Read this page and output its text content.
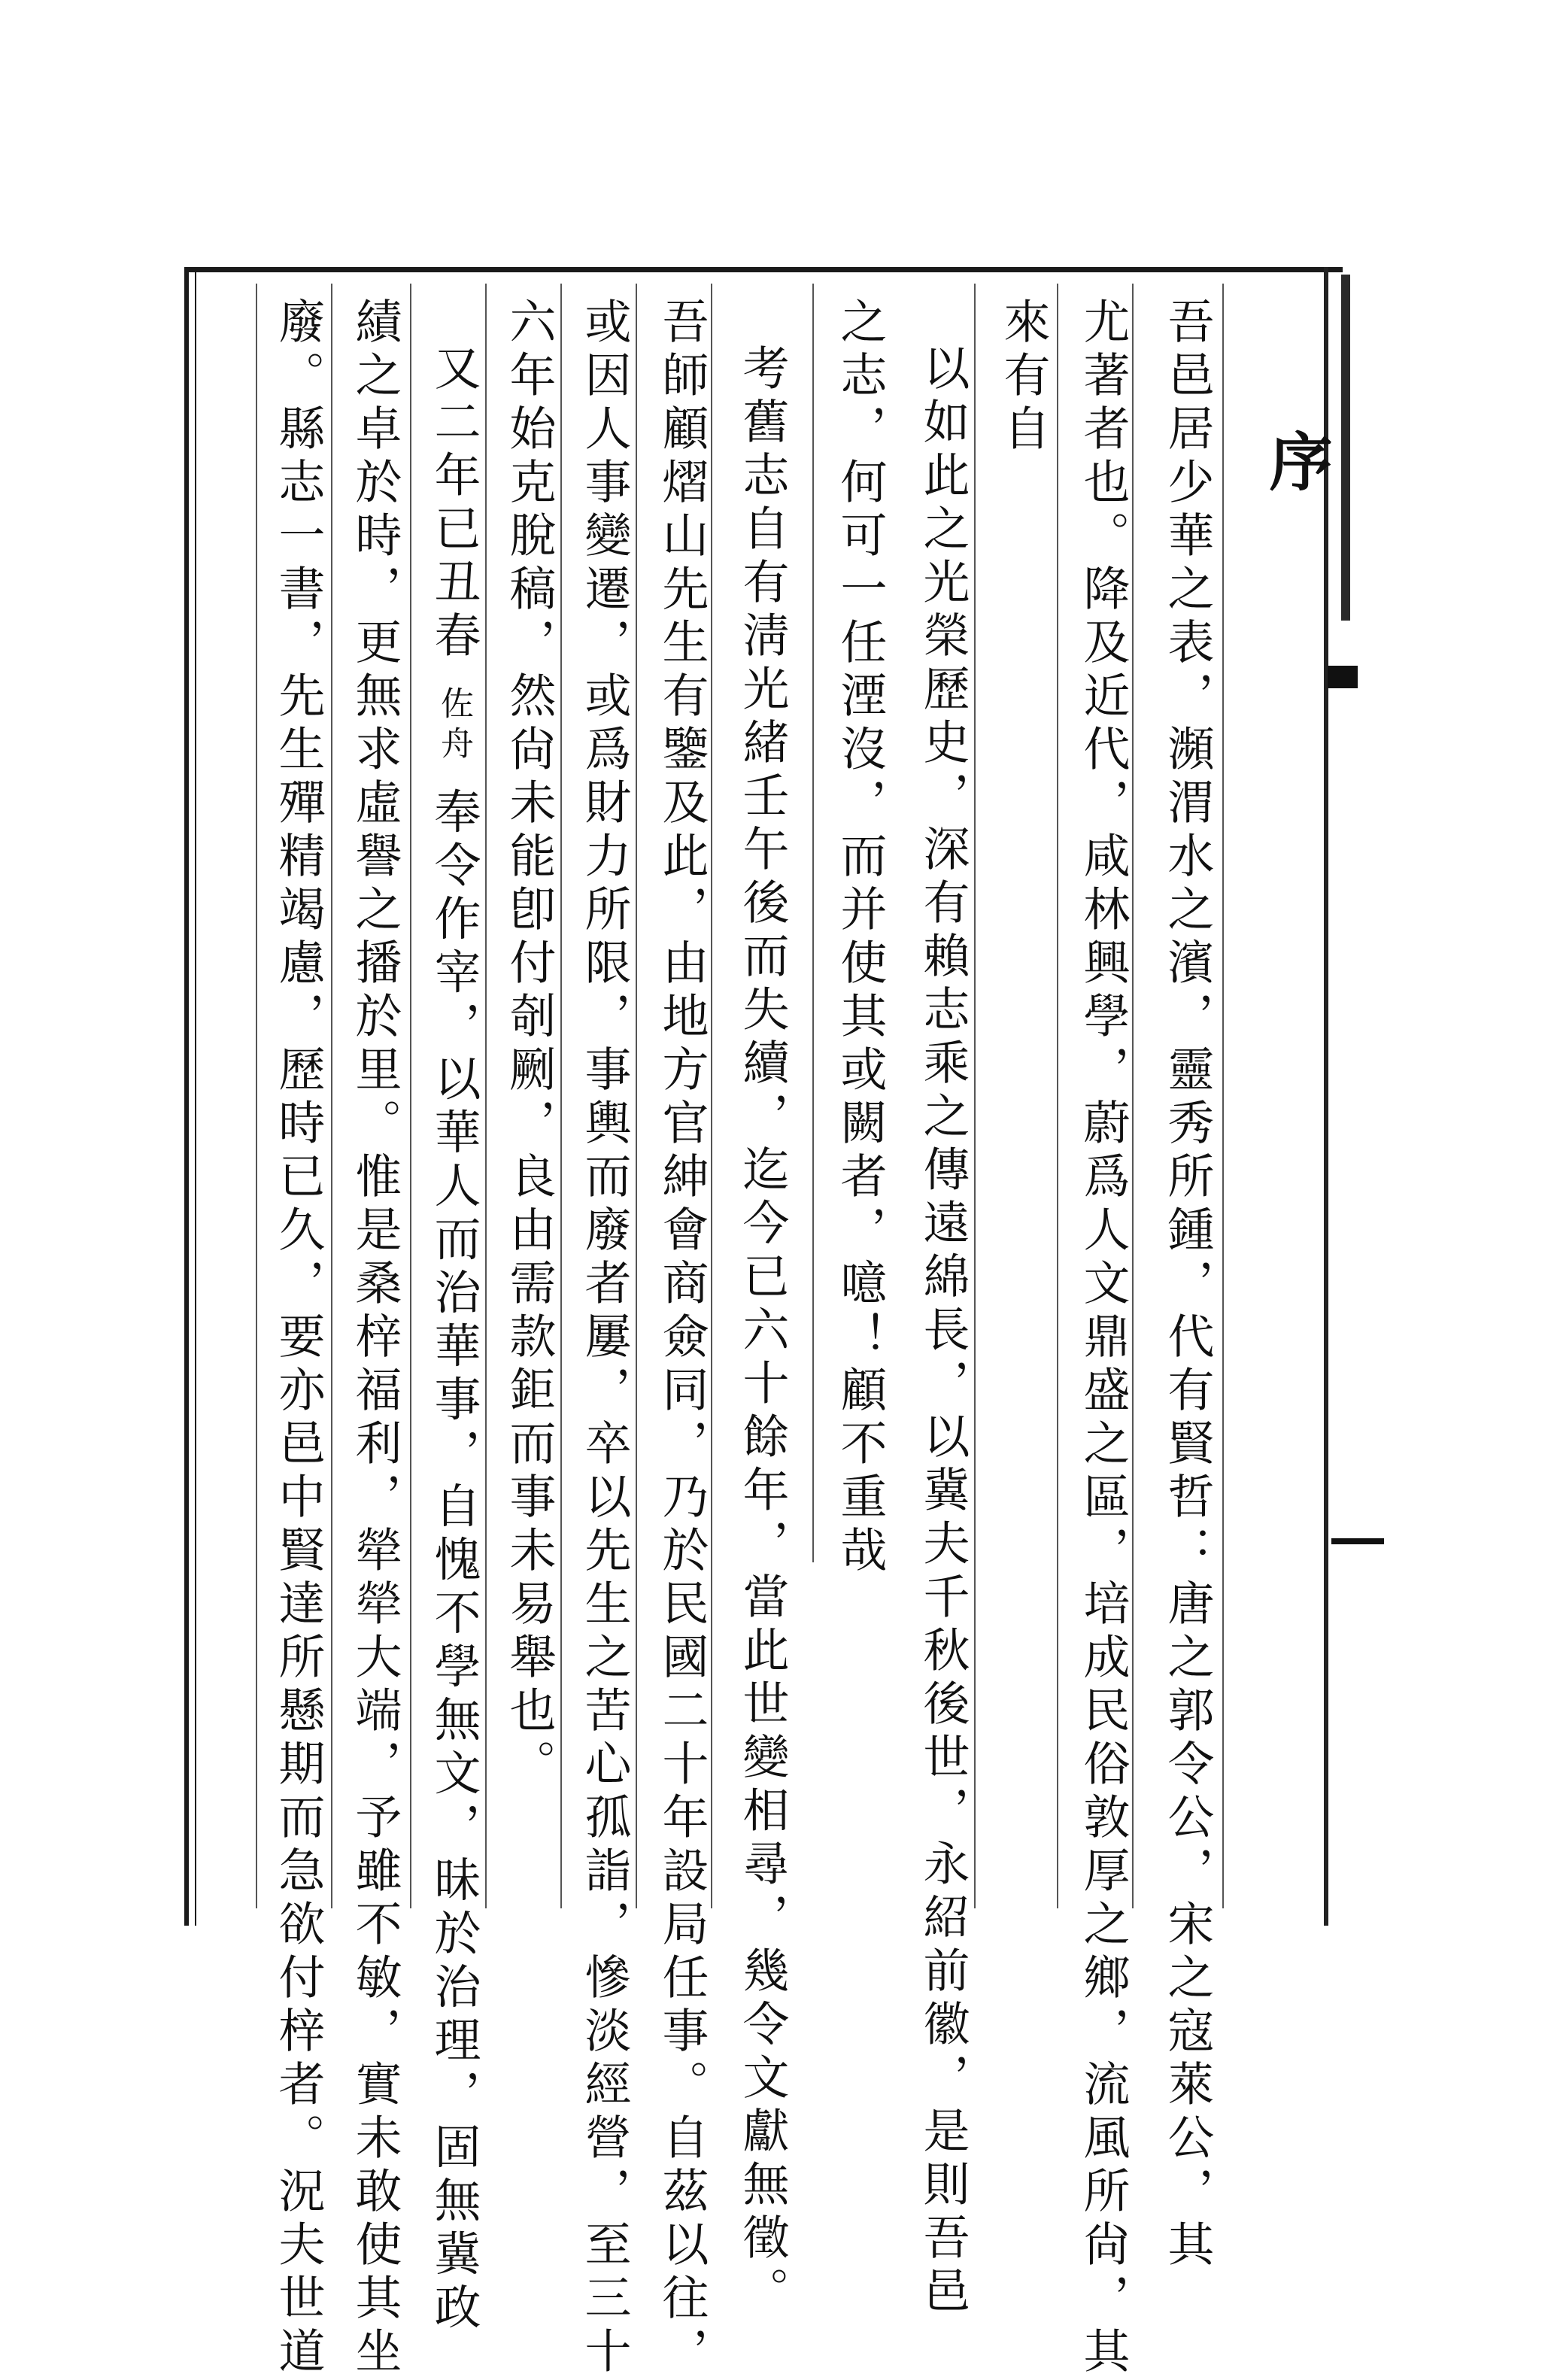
序
吾邑居少華之表，瀕渭水之濱，靈秀所鍾，代有賢哲：唐之郭令公，宋之寇萊公，其
尤著者也。降及近代，咸林興學，蔚爲人文鼎盛之區，培成民俗敦厚之鄉，流風所尙，其
來有自
以如此之光榮歷史，深有賴志乘之傳遠綿長，以冀夫千秋後世，永紹前徽，是則吾邑
之志，何可一任湮沒，而并使其或闕者，噫！顧不重哉
考舊志自有淸光緒壬午後而失續，迄今已六十餘年，當此世變相尋，幾令文獻無徵。
吾師顧熠山先生有鑒及此，由地方官紳會商僉同，乃於民國二十年設局任事。自茲以往，
或因人事變遷，或爲財力所限，事輿而廢者屢，卒以先生之苦心孤詣，慘淡經營，至三十
六年始克脫稿，然尙未能卽付剞劂，良由需款鉅而事未易舉也。
又二年已丑春 佐舟 奉令作宰，以華人而治華事，自愧不學無文，昧於治理，固無冀政
績之卓於時，更無求虛譽之播於里。惟是桑梓福利，犖犖大端，予雖不敏，實未敢使其坐
廢。縣志一書，先生殫精竭慮，歷時已久，要亦邑中賢達所懸期而急欲付梓者。況夫世道
